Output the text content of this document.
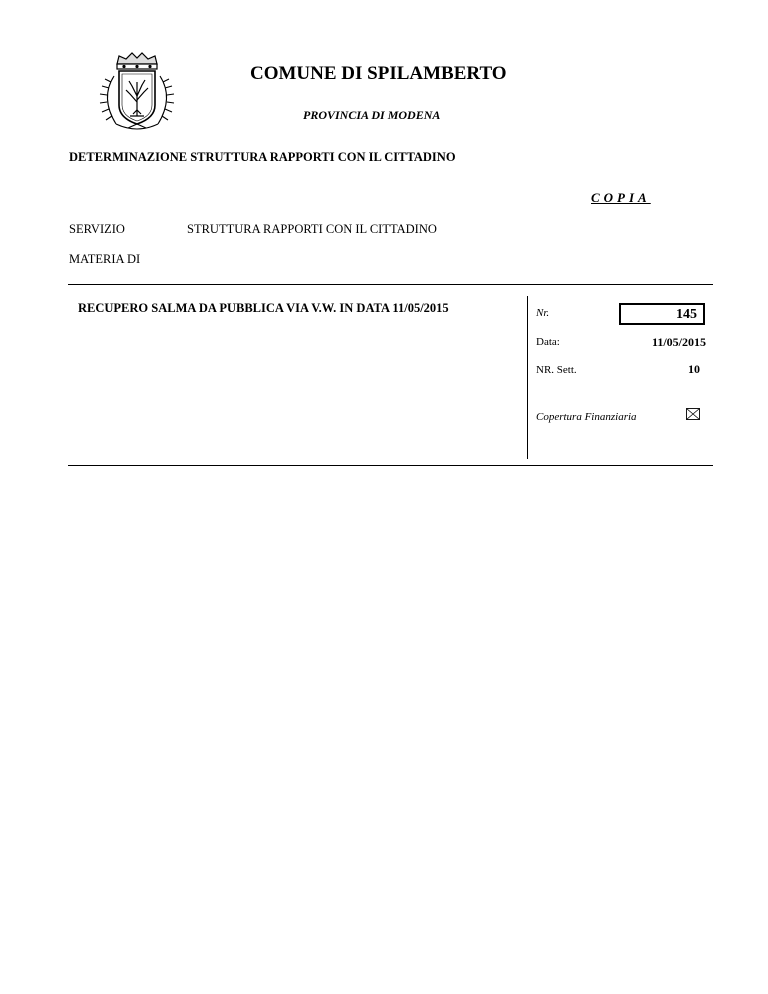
COMUNE DI SPILAMBERTO
PROVINCIA DI MODENA
DETERMINAZIONE STRUTTURA RAPPORTI CON IL CITTADINO
COPIA
SERVIZIO	STRUTTURA RAPPORTI CON IL CITTADINO
MATERIA DI
RECUPERO SALMA DA PUBBLICA VIA V.W. IN DATA 11/05/2015	Nr.	145
Data:	11/05/2015
NR. Sett.	10
Copertura Finanziaria
